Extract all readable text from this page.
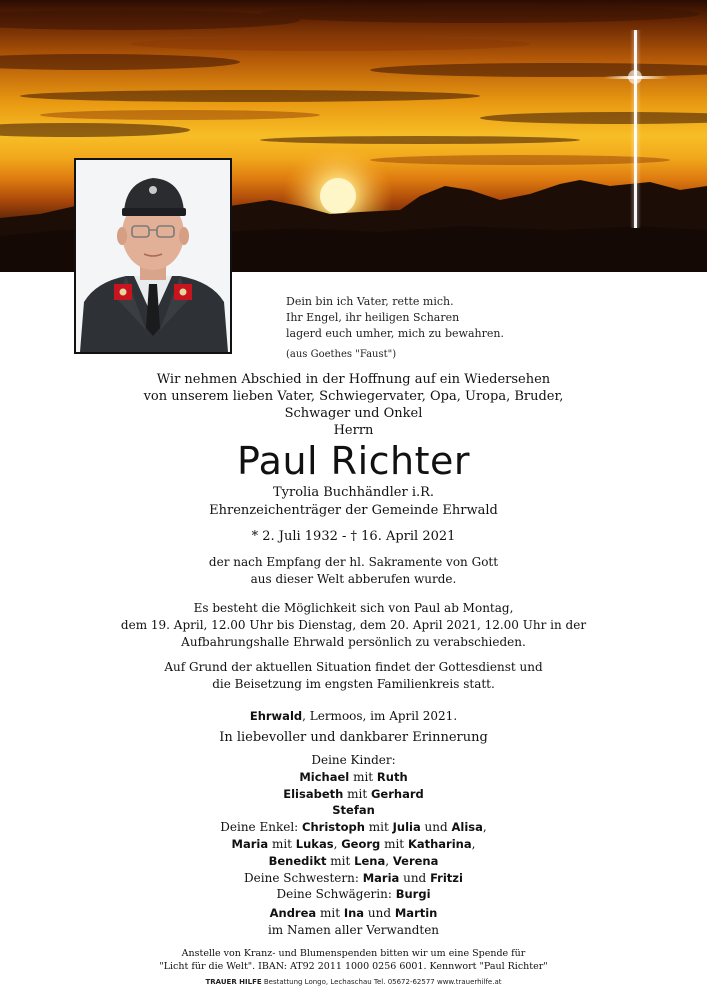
Dein bin ich Vater, rette mich.
Ihr Engel, ihr heiligen Scharen
lagerd euch umher, mich zu bewahren.
(aus Goethes "Faust")
Wir nehmen Abschied in der Hoffnung auf ein Wiedersehen
von unserem lieben Vater, Schwiegervater, Opa, Uropa, Bruder,
Schwager und Onkel
Herrn
Paul Richter
Tyrolia Buchhändler i.R.
Ehrenzeichenträger der Gemeinde Ehrwald
* 2. Juli 1932 - † 16. April 2021
der nach Empfang der hl. Sakramente von Gott
aus dieser Welt abberufen wurde.
Es besteht die Möglichkeit sich von Paul ab Montag,
dem 19. April, 12.00 Uhr bis Dienstag, dem 20. April 2021, 12.00 Uhr in der
Aufbahrungshalle Ehrwald persönlich zu verabschieden.
Auf Grund der aktuellen Situation findet der Gottesdienst und
die Beisetzung im engsten Familienkreis statt.
Ehrwald, Lermoos, im April 2021.
In liebevoller und dankbarer Erinnerung
Deine Kinder:
Michael mit Ruth
Elisabeth mit Gerhard
Stefan
Deine Enkel: Christoph mit Julia und Alisa,
Maria mit Lukas, Georg mit Katharina,
Benedikt mit Lena, Verena
Deine Schwestern: Maria und Fritzi
Deine Schwägerin: Burgi
Andrea mit Ina und Martin
im Namen aller Verwandten
Anstelle von Kranz- und Blumenspenden bitten wir um eine Spende für
"Licht für die Welt". IBAN: AT92 2011 1000 0256 6001. Kennwort "Paul Richter"
TRAUER HILFE Bestattung Longo, Lechaschau Tel. 05672-62577 www.trauerhilfe.at
